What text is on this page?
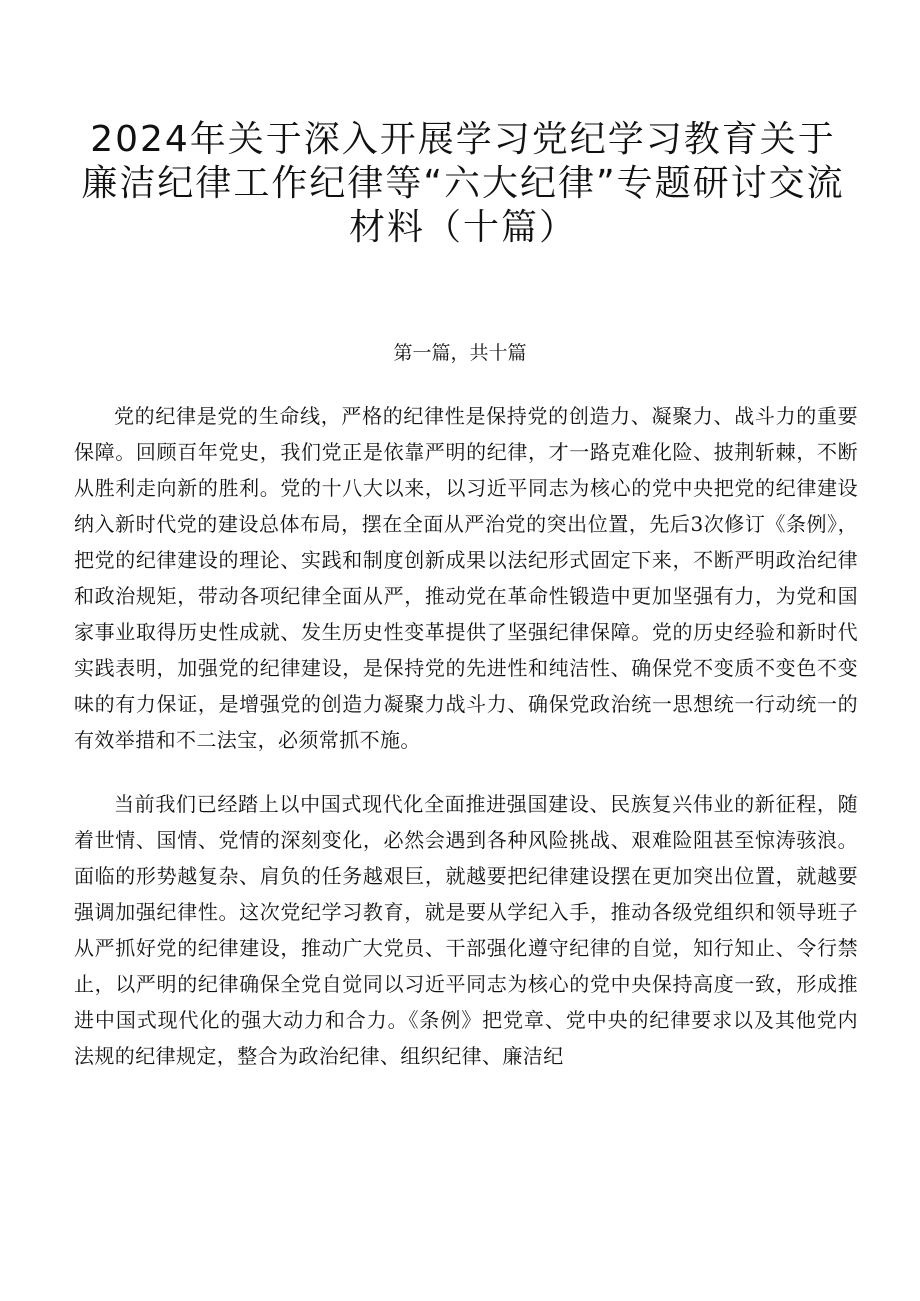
2024年关于深入开展学习党纪学习教育关于廉洁纪律工作纪律等“六大纪律”专题研讨交流材料（十篇）
第一篇，共十篇

党的纪律是党的生命线，严格的纪律性是保持党的创造力、凝聚力、战斗力的重要保障。回顾百年党史，我们党正是依靠严明的纪律，才一路克难化险、披荆斩棘，不断从胜利走向新的胜利。党的十八大以来，以习近平同志为核心的党中央把党的纪律建设纳入新时代党的建设总体布局，摆在全面从严治党的突出位置，先后3次修订《条例》，把党的纪律建设的理论、实践和制度创新成果以法纪形式固定下来，不断严明政治纪律和政治规矩，带动各项纪律全面从严，推动党在革命性锻造中更加坚强有力，为党和国家事业取得历史性成就、发生历史性变革提供了坚强纪律保障。党的历史经验和新时代实践表明，加强党的纪律建设，是保持党的先进性和纯洁性、确保党不变质不变色不变味的有力保证，是增强党的创造力凝聚力战斗力、确保党政治统一思想统一行动统一的有效举措和不二法宝，必须常抓不施。

当前我们已经踏上以中国式现代化全面推进强国建设、民族复兴伟业的新征程，随着世情、国情、党情的深刻变化，必然会遇到各种风险挑战、艰难险阻甚至惊涛骇浪。面临的形势越复杂、肩负的任务越艰巨，就越要把纪律建设摆在更加突出位置，就越要强调加强纪律性。这次党纪学习教育，就是要从学纪入手，推动各级党组织和领导班子从严抓好党的纪律建设，推动广大党员、干部强化遵守纪律的自觉，知行知止、令行禁止，以严明的纪律确保全党自觉同以习近平同志为核心的党中央保持高度一致，形成推进中国式现代化的强大动力和合力。《条例》把党章、党中央的纪律要求以及其他党内法规的纪律规定，整合为政治纪律、组织纪律、廉洁纪
